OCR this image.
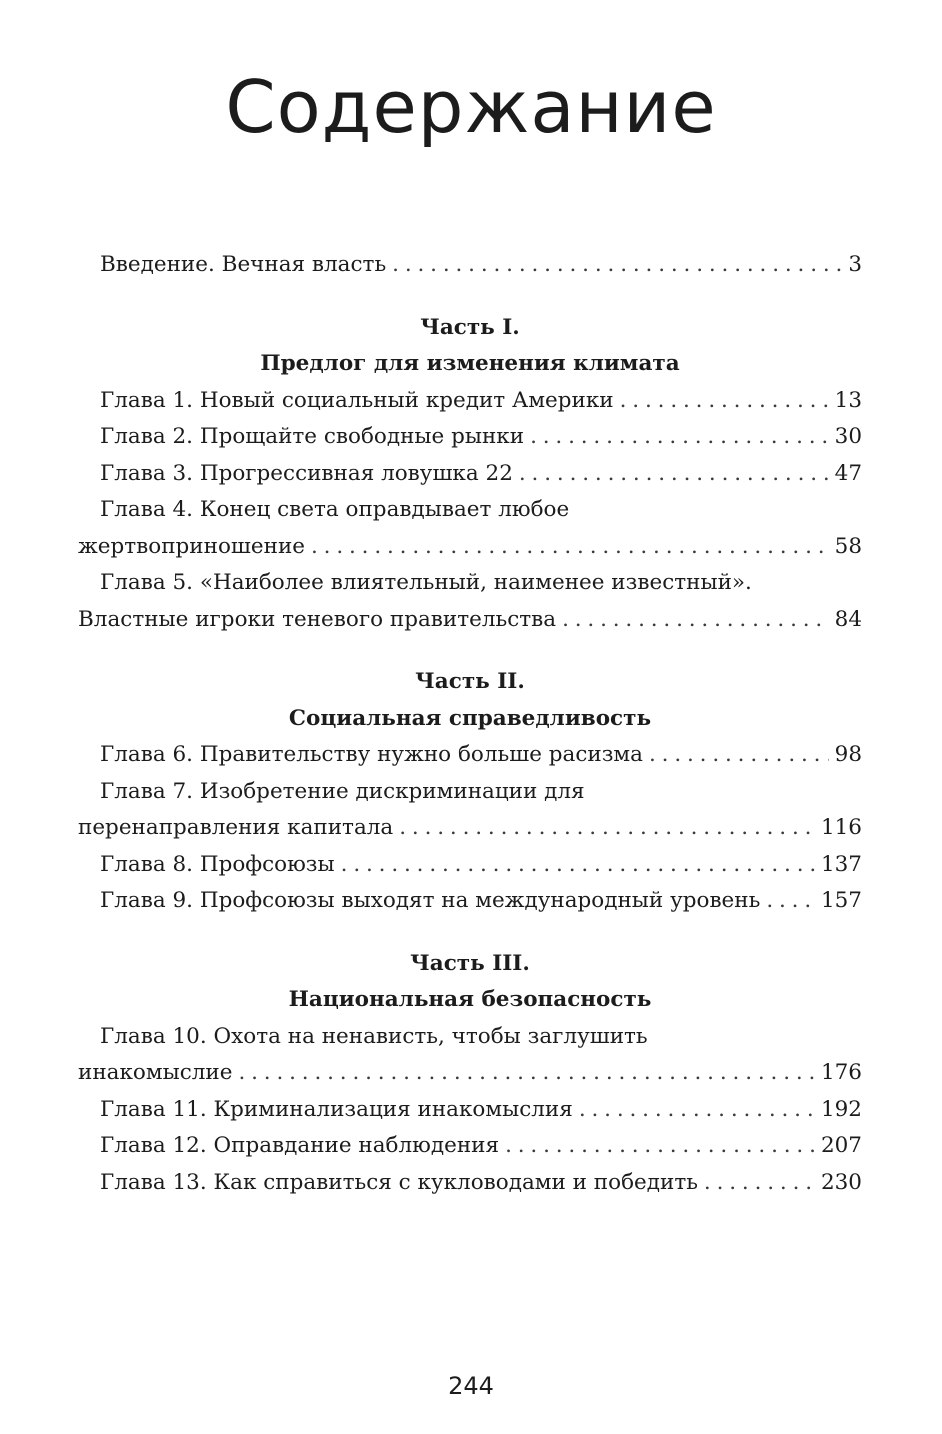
Содержание
Введение. Вечная власть . . .	3
Часть I.
Предлог для изменения климата
Глава 1. Новый социальный кредит Америки . . .	13
Глава 2. Прощайте свободные рынки . . .	30
Глава 3. Прогрессивная ловушка 22 . . .	47
Глава 4. Конец света оправдывает любое
жертвоприношение . . .	58
Глава 5. «Наиболее влиятельный, наименее известный».
Властные игроки теневого правительства . . .	84
Часть II.
Социальная справедливость
Глава 6. Правительству нужно больше расизма . . .	98
Глава 7. Изобретение дискриминации для
перенаправления капитала . . .	116
Глава 8. Профсоюзы . . .	137
Глава 9. Профсоюзы выходят на международный уровень . . .	157
Часть III.
Национальная безопасность
Глава 10. Охота на ненависть, чтобы заглушить
инакомыслие . . .	176
Глава 11. Криминализация инакомыслия . . .	192
Глава 12. Оправдание наблюдения . . .	207
Глава 13. Как справиться с кукловодами и победить . . .	230
244
